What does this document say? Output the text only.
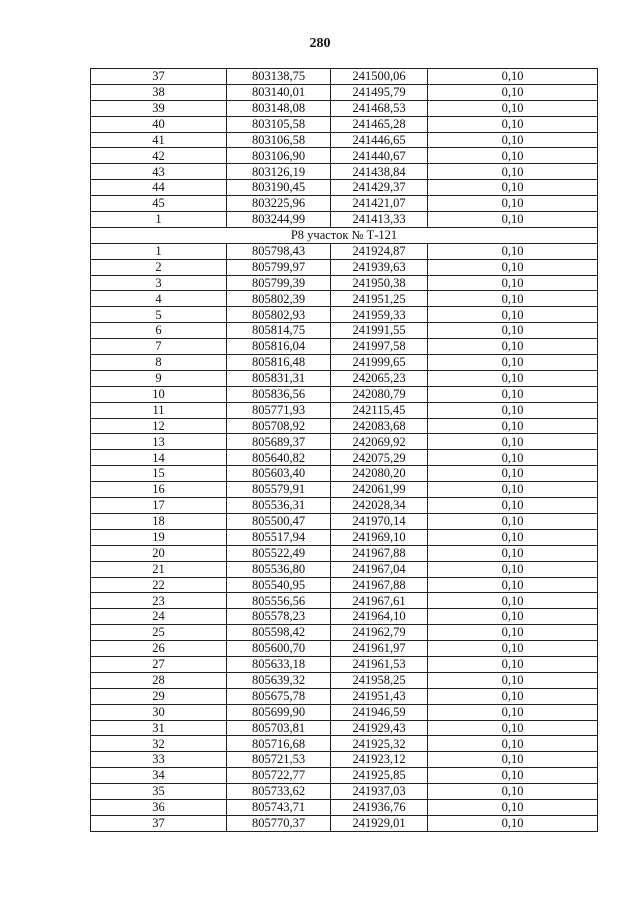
280
37	803138,75	241500,06	0,10
38	803140,01	241495,79	0,10
39	803148,08	241468,53	0,10
40	803105,58	241465,28	0,10
41	803106,58	241446,65	0,10
42	803106,90	241440,67	0,10
43	803126,19	241438,84	0,10
44	803190,45	241429,37	0,10
45	803225,96	241421,07	0,10
1	803244,99	241413,33	0,10
Р8 участок № Т-121			
1	805798,43	241924,87	0,10
2	805799,97	241939,63	0,10
3	805799,39	241950,38	0,10
4	805802,39	241951,25	0,10
5	805802,93	241959,33	0,10
6	805814,75	241991,55	0,10
7	805816,04	241997,58	0,10
8	805816,48	241999,65	0,10
9	805831,31	242065,23	0,10
10	805836,56	242080,79	0,10
11	805771,93	242115,45	0,10
12	805708,92	242083,68	0,10
13	805689,37	242069,92	0,10
14	805640,82	242075,29	0,10
15	805603,40	242080,20	0,10
16	805579,91	242061,99	0,10
17	805536,31	242028,34	0,10
18	805500,47	241970,14	0,10
19	805517,94	241969,10	0,10
20	805522,49	241967,88	0,10
21	805536,80	241967,04	0,10
22	805540,95	241967,88	0,10
23	805556,56	241967,61	0,10
24	805578,23	241964,10	0,10
25	805598,42	241962,79	0,10
26	805600,70	241961,97	0,10
27	805633,18	241961,53	0,10
28	805639,32	241958,25	0,10
29	805675,78	241951,43	0,10
30	805699,90	241946,59	0,10
31	805703,81	241929,43	0,10
32	805716,68	241925,32	0,10
33	805721,53	241923,12	0,10
34	805722,77	241925,85	0,10
35	805733,62	241937,03	0,10
36	805743,71	241936,76	0,10
37	805770,37	241929,01	0,10
